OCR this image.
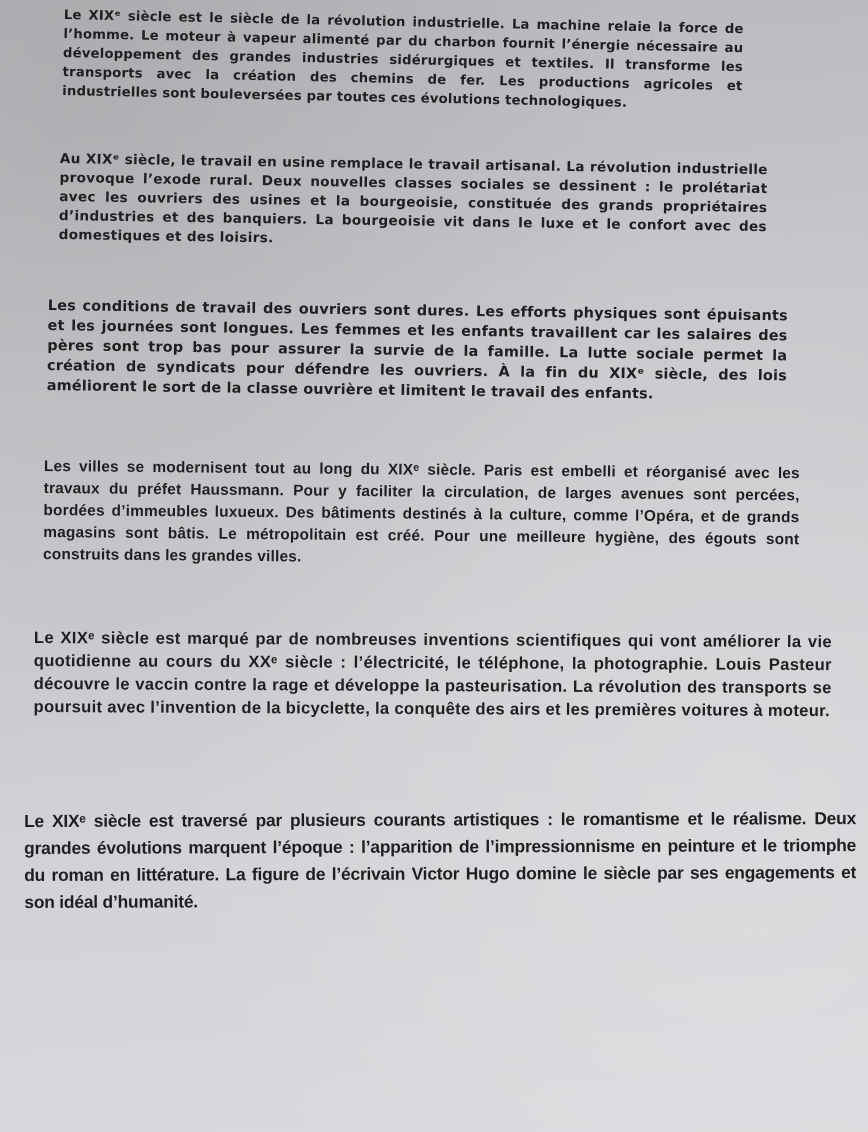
Le XIXᵉ siècle est le siècle de la révolution industrielle. La machine relaie la force de l’homme. Le moteur à vapeur alimenté par du charbon fournit l’énergie nécessaire au développement des grandes industries sidérurgiques et textiles. Il transforme les transports avec la création des chemins de fer. Les productions agricoles et industrielles sont bouleversées par toutes ces évolutions technologiques.

Au XIXᵉ siècle, le travail en usine remplace le travail artisanal. La révolution industrielle provoque l’exode rural. Deux nouvelles classes sociales se dessinent : le prolétariat avec les ouvriers des usines et la bourgeoisie, constituée des grands propriétaires d’industries et des banquiers. La bourgeoisie vit dans le luxe et le confort avec des domestiques et des loisirs.

Les conditions de travail des ouvriers sont dures. Les efforts physiques sont épuisants et les journées sont longues. Les femmes et les enfants travaillent car les salaires des pères sont trop bas pour assurer la survie de la famille. La lutte sociale permet la création de syndicats pour défendre les ouvriers. À la fin du XIXᵉ siècle, des lois améliorent le sort de la classe ouvrière et limitent le travail des enfants.

Les villes se modernisent tout au long du XIXᵉ siècle. Paris est embelli et réorganisé avec les travaux du préfet Haussmann. Pour y faciliter la circulation, de larges avenues sont percées, bordées d’immeubles luxueux. Des bâtiments destinés à la culture, comme l’Opéra, et de grands magasins sont bâtis. Le métropolitain est créé. Pour une meilleure hygiène, des égouts sont construits dans les grandes villes.

Le XIXᵉ siècle est marqué par de nombreuses inventions scientifiques qui vont améliorer la vie quotidienne au cours du XXᵉ siècle : l’électricité, le téléphone, la photographie. Louis Pasteur découvre le vaccin contre la rage et développe la pasteurisation. La révolution des transports se poursuit avec l’invention de la bicyclette, la conquête des airs et les premières voitures à moteur.

Le XIXᵉ siècle est traversé par plusieurs courants artistiques : le romantisme et le réalisme. Deux grandes évolutions marquent l’époque : l’apparition de l’impressionnisme en peinture et le triomphe du roman en littérature. La figure de l’écrivain Victor Hugo domine le siècle par ses engagements et son idéal d’humanité.
